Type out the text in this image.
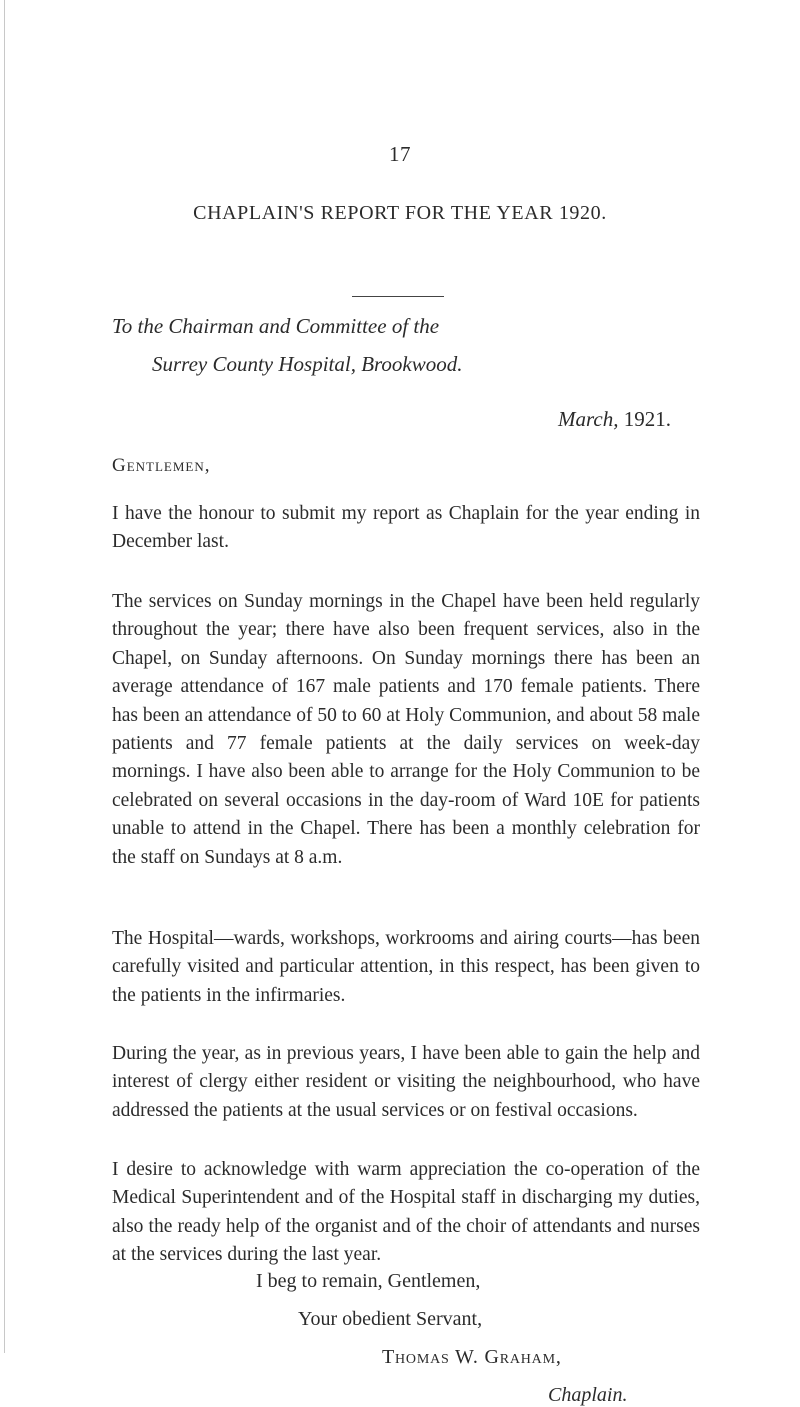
17
CHAPLAIN'S REPORT FOR THE YEAR 1920.
To the Chairman and Committee of the
Surrey County Hospital, Brookwood.
March, 1921.
Gentlemen,

I have the honour to submit my report as Chaplain for the year ending in December last.

The services on Sunday mornings in the Chapel have been held regularly throughout the year; there have also been frequent services, also in the Chapel, on Sunday afternoons. On Sunday mornings there has been an average attendance of 167 male patients and 170 female patients. There has been an attendance of 50 to 60 at Holy Communion, and about 58 male patients and 77 female patients at the daily services on week-day mornings. I have also been able to arrange for the Holy Communion to be celebrated on several occasions in the day-room of Ward 10E for patients unable to attend in the Chapel. There has been a monthly celebration for the staff on Sundays at 8 a.m.

The Hospital—wards, workshops, workrooms and airing courts—has been carefully visited and particular attention, in this respect, has been given to the patients in the infirmaries.

During the year, as in previous years, I have been able to gain the help and interest of clergy either resident or visiting the neighbourhood, who have addressed the patients at the usual services or on festival occasions.

I desire to acknowledge with warm appreciation the co-operation of the Medical Superintendent and of the Hospital staff in discharging my duties, also the ready help of the organist and of the choir of attendants and nurses at the services during the last year.

I beg to remain, Gentlemen,
Your obedient Servant,
Thomas W. Graham,
Chaplain.
